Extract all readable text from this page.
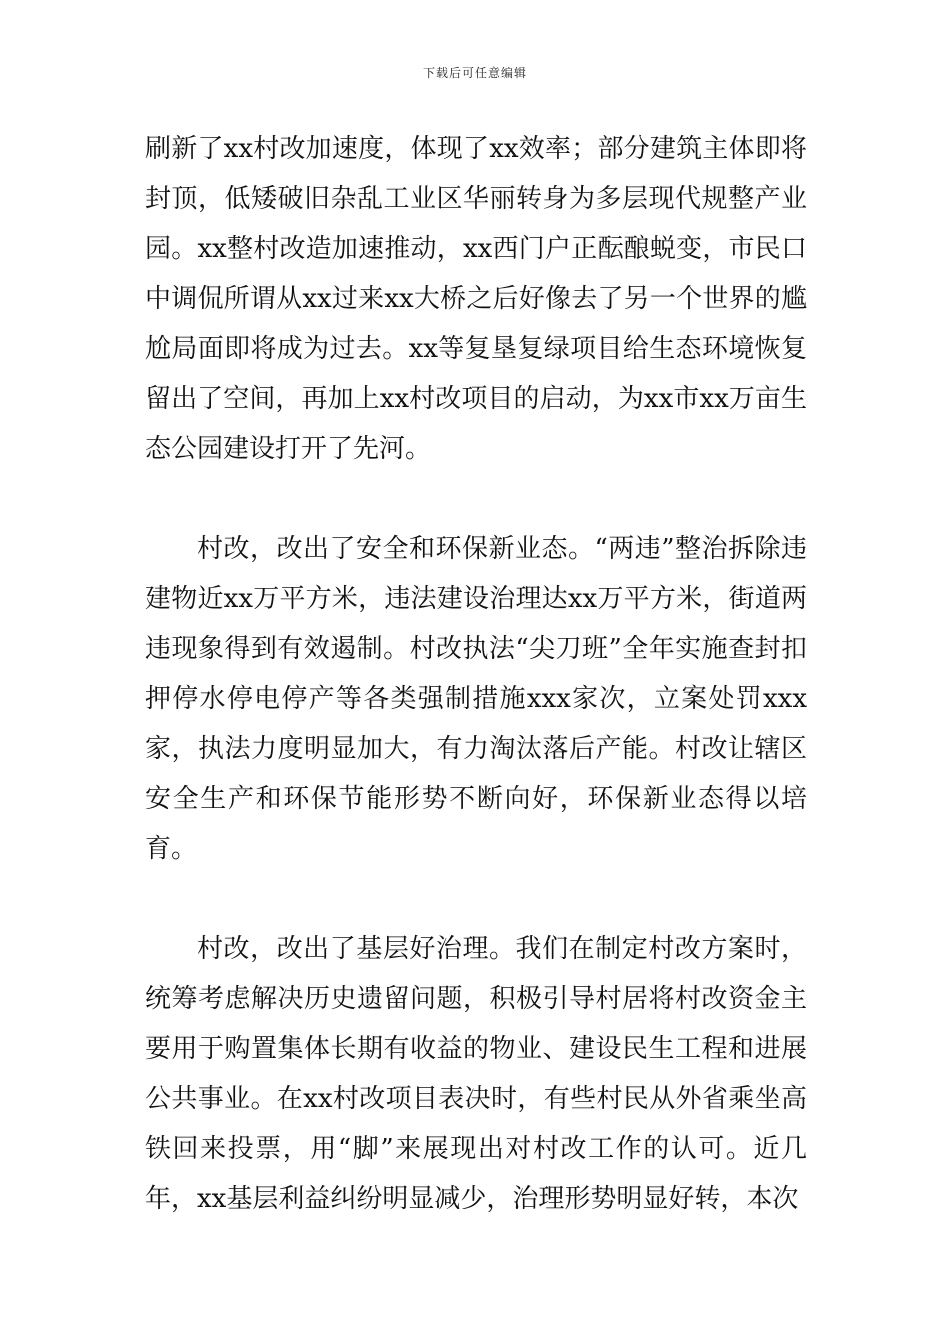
下载后可任意编辑

刷新了xx村改加速度，体现了xx效率；部分建筑主体即将封顶，低矮破旧杂乱工业区华丽转身为多层现代规整产业园。xx整村改造加速推动，xx西门户正酝酿蜕变，市民口中调侃所谓从xx过来xx大桥之后好像去了另一个世界的尴尬局面即将成为过去。xx等复垦复绿项目给生态环境恢复留出了空间，再加上xx村改项目的启动，为xx市xx万亩生态公园建设打开了先河。

村改，改出了安全和环保新业态。“两违”整治拆除违建物近xx万平方米，违法建设治理达xx万平方米，街道两违现象得到有效遏制。村改执法“尖刀班”全年实施查封扣押停水停电停产等各类强制措施xxx家次，立案处罚xxx家，执法力度明显加大，有力淘汰落后产能。村改让辖区安全生产和环保节能形势不断向好，环保新业态得以培育。

村改，改出了基层好治理。我们在制定村改方案时，统筹考虑解决历史遗留问题，积极引导村居将村改资金主要用于购置集体长期有收益的物业、建设民生工程和进展公共事业。在xx村改项目表决时，有些村民从外省乘坐高铁回来投票，用“脚”来展现出对村改工作的认可。近几年，xx基层利益纠纷明显减少，治理形势明显好转，本次
